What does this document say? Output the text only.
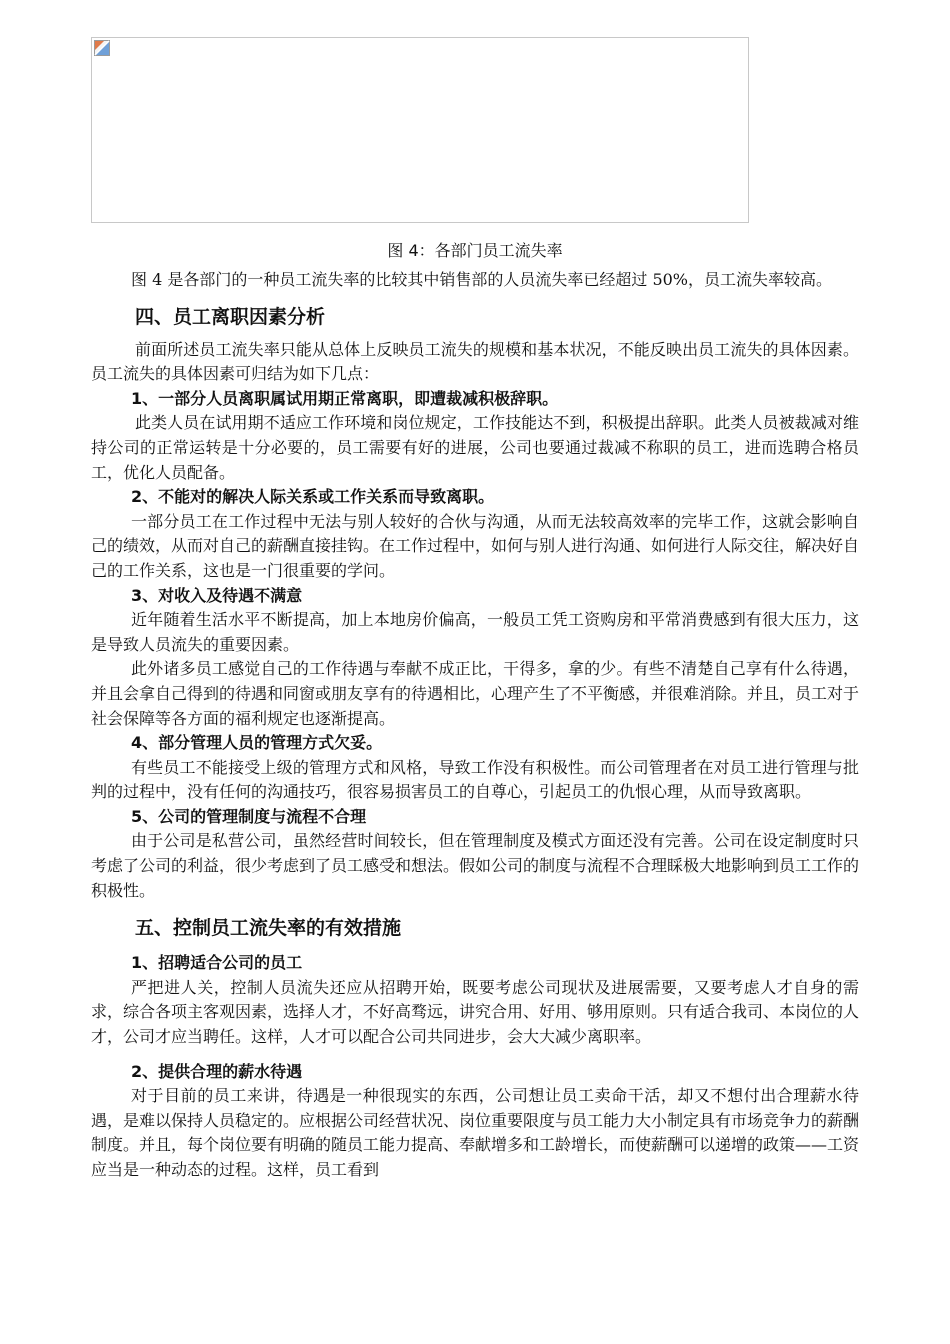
图 4：各部门员工流失率

图 4 是各部门的一种员工流失率的比较其中销售部的人员流失率已经超过 50%，员工流失率较高。

四、员工离职因素分析

前面所述员工流失率只能从总体上反映员工流失的规模和基本状况，不能反映出员工流失的具体因素。员工流失的具体因素可归结为如下几点：

1、一部分人员离职属试用期正常离职，即遭裁减积极辞职。

此类人员在试用期不适应工作环境和岗位规定，工作技能达不到，积极提出辞职。此类人员被裁减对维持公司的正常运转是十分必要的，员工需要有好的进展，公司也要通过裁减不称职的员工，进而选聘合格员工，优化人员配备。

2、不能对的解决人际关系或工作关系而导致离职。

一部分员工在工作过程中无法与别人较好的合伙与沟通，从而无法较高效率的完毕工作，这就会影响自己的绩效，从而对自己的薪酬直接挂钩。在工作过程中，如何与别人进行沟通、如何进行人际交往，解决好自己的工作关系，这也是一门很重要的学问。

3、对收入及待遇不满意

近年随着生活水平不断提高，加上本地房价偏高，一般员工凭工资购房和平常消费感到有很大压力，这是导致人员流失的重要因素。

此外诸多员工感觉自己的工作待遇与奉献不成正比，干得多，拿的少。有些不清楚自己享有什么待遇，并且会拿自己得到的待遇和同窗或朋友享有的待遇相比，心理产生了不平衡感，并很难消除。并且，员工对于社会保障等各方面的福利规定也逐渐提高。

4、部分管理人员的管理方式欠妥。

有些员工不能接受上级的管理方式和风格，导致工作没有积极性。而公司管理者在对员工进行管理与批判的过程中，没有任何的沟通技巧，很容易损害员工的自尊心，引起员工的仇恨心理，从而导致离职。

5、公司的管理制度与流程不合理

由于公司是私营公司，虽然经营时间较长，但在管理制度及模式方面还没有完善。公司在设定制度时只考虑了公司的利益，很少考虑到了员工感受和想法。假如公司的制度与流程不合理睬极大地影响到员工工作的积极性。

五、控制员工流失率的有效措施
1、招聘适合公司的员工

严把进人关，控制人员流失还应从招聘开始，既要考虑公司现状及进展需要，又要考虑人才自身的需求，综合各项主客观因素，选择人才，不好高骛远，讲究合用、好用、够用原则。只有适合我司、本岗位的人才，公司才应当聘任。这样，人才可以配合公司共同进步，会大大减少离职率。

2、提供合理的薪水待遇

对于目前的员工来讲，待遇是一种很现实的东西，公司想让员工卖命干活，却又不想付出合理薪水待遇，是难以保持人员稳定的。应根据公司经营状况、岗位重要限度与员工能力大小制定具有市场竞争力的薪酬制度。并且，每个岗位要有明确的随员工能力提高、奉献增多和工龄增长，而使薪酬可以递增的政策——工资应当是一种动态的过程。这样，员工看到
